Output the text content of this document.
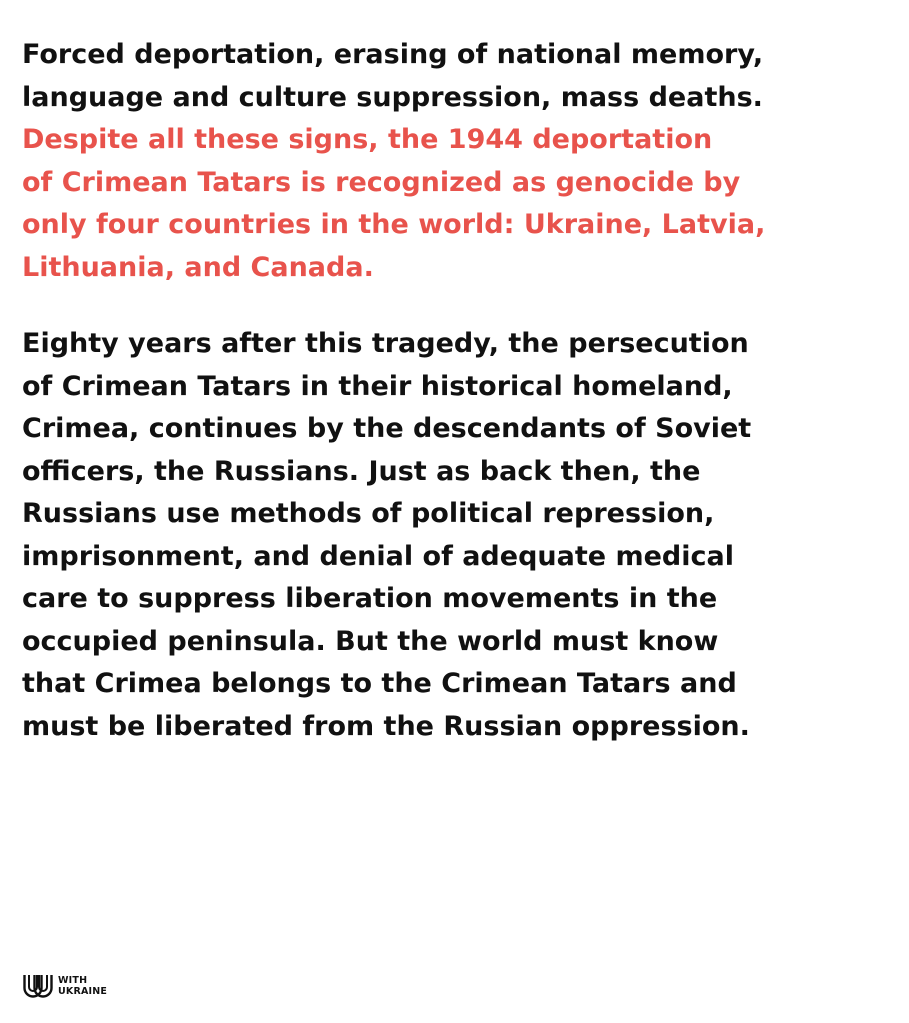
Forced deportation, erasing of national memory,
language and culture suppression, mass deaths.
Despite all these signs, the 1944 deportation
of Crimean Tatars is recognized as genocide by
only four countries in the world: Ukraine, Latvia,
Lithuania, and Canada.

Eighty years after this tragedy, the persecution
of Crimean Tatars in their historical homeland,
Crimea, continues by the descendants of Soviet
officers, the Russians. Just as back then, the
Russians use methods of political repression,
imprisonment, and denial of adequate medical
care to suppress liberation movements in the
occupied peninsula. But the world must know
that Crimea belongs to the Crimean Tatars and
must be liberated from the Russian oppression.

WITH
UKRAINE
